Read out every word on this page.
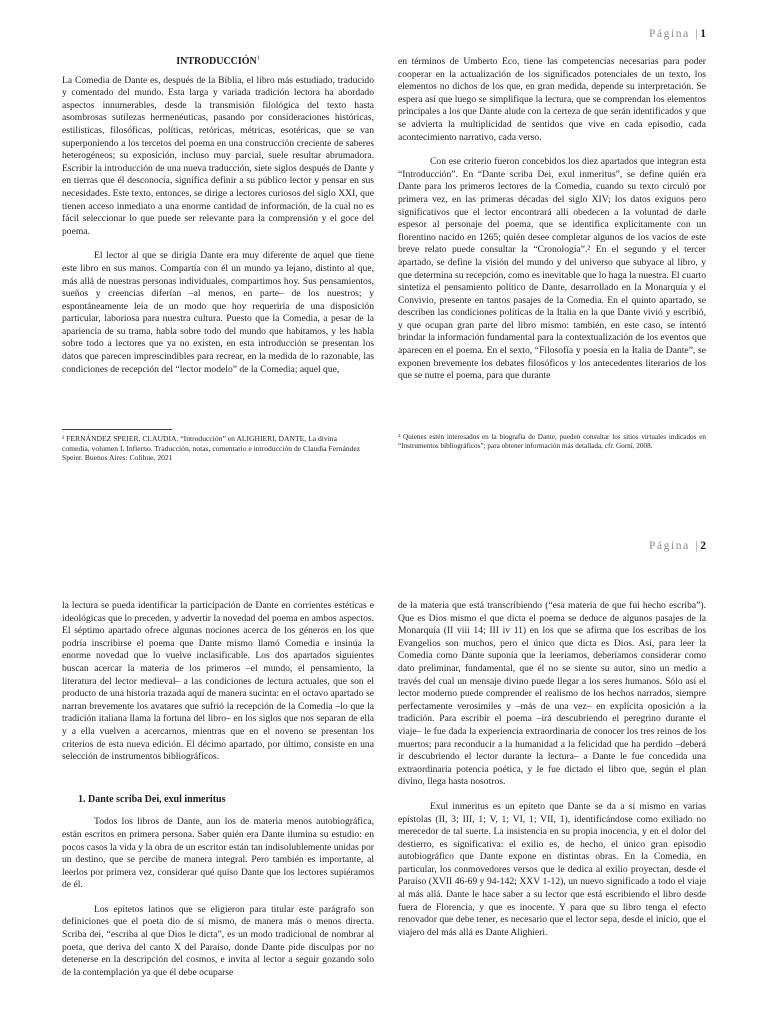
Página |1

INTRODUCCIÓN$^1$

La Comedia de Dante es, después de la Biblia, el libro más estudiado, traducido y comentado del mundo. Esta larga y variada tradición lectora ha abordado aspectos innumerables, desde la transmisión filológica del texto hasta asombrosas sutilezas hermenéuticas, pasando por consideraciones históricas, estilísticas, filosóficas, políticas, retóricas, métricas, esotéricas, que se van superponiendo a los tercetos del poema en una construcción creciente de saberes heterogéneos; su exposición, incluso muy parcial, suele resultar abrumadora. Escribir la introducción de una nueva traducción, siete siglos después de Dante y en tierras que él desconocía, significa definir a su público lector y pensar en sus necesidades. Este texto, entonces, se dirige a lectores curiosos del siglo XXI, que tienen acceso inmediato a una enorme cantidad de información, de la cual no es fácil seleccionar lo que puede ser relevante para la comprensión y el goce del poema.

El lector al que se dirigía Dante era muy diferente de aquel que tiene este libro en sus manos. Compartía con él un mundo ya lejano, distinto al que, más allá de nuestras personas individuales, compartimos hoy. Sus pensamientos, sueños y creencias diferían –al menos, en parte– de los nuestros; y espontáneamente leía de un modo que hoy requeriría de una disposición particular, laboriosa para nuestra cultura. Puesto que la Comedia, a pesar de la apariencia de su trama, habla sobre todo del mundo que habitamos, y les habla sobre todo a lectores que ya no existen, en esta introducción se presentan los datos que parecen imprescindibles para recrear, en la medida de lo razonable, las condiciones de recepción del “lector modelo” de la Comedia; aquel que,

en términos de Umberto Eco, tiene las competencias necesarias para poder cooperar en la actualización de los significados potenciales de un texto, los elementos no dichos de los que, en gran medida, depende su interpretación. Se espera así que luego se simplifique la lectura, que se comprendan los elementos principales a los que Dante alude con la certeza de que serán identificados y que se advierta la multiplicidad de sentidos que vive en cada episodio, cada acontecimiento narrativo, cada verso.

Con ese criterio fueron concebidos los diez apartados que integran esta “Introducción”. En “Dante scriba Dei, exul inmeritus”, se define quién era Dante para los primeros lectores de la Comedia, cuando su texto circuló por primera vez, en las primeras décadas del siglo XIV; los datos exiguos pero significativos que el lector encontrará allí obedecen a la voluntad de darle espesor al personaje del poema, que se identifica explícitamente con un florentino nacido en 1265; quién desee completar algunos de los vacíos de este breve relato puede consultar la “Cronología”.² En el segundo y el tercer apartado, se define la visión del mundo y del universo que subyace al libro, y que determina su recepción, como es inevitable que lo haga la nuestra. El cuarto sintetiza el pensamiento político de Dante, desarrollado en la Monarquía y el Convivio, presente en tantos pasajes de la Comedia. En el quinto apartado, se describen las condiciones políticas de la Italia en la que Dante vivió y escribió, y que ocupan gran parte del libro mismo: también, en este caso, se intentó brindar la información fundamental para la contextualización de los eventos que aparecen en el poema. En el sexto, “Filosofía y poesía en la Italia de Dante”, se exponen brevemente los debates filosóficos y los antecedentes literarios de los que se nutre el poema, para que durante

¹ FERNÁNDEZ SPEIER, CLAUDIA. “Introducción” en ALIGHIERI, DANTE, La divina comedia, volumen I, Infierno. Traducción, notas, comentario e introducción de Claudia Fernández Speier. Buenos Aires: Colihue, 2021

² Quienes estén interesados en la biografía de Dante, pueden consultar los sitios virtuales indicados en “Instrumentos bibliográficos”; para obtener información más detallada, cfr. Gorni, 2008.

Página |2

la lectura se pueda identificar la participación de Dante en corrientes estéticas e ideológicas que lo preceden, y advertir la novedad del poema en ambos aspectos. El séptimo apartado ofrece algunas nociones acerca de los géneros en los que podría inscribirse el poema que Dante mismo llamó Comedia e insinúa la enorme novedad que lo vuelve inclasificable. Los dos apartados siguientes buscan acercar la materia de los primeros –el mundo, el pensamiento, la literatura del lector medieval– a las condiciones de lectura actuales, que son el producto de una historia trazada aquí de manera sucinta: en el octavo apartado se narran brevemente los avatares que sufrió la recepción de la Comedia –lo que la tradición italiana llama la fortuna del libro– en los siglos que nos separan de ella y a ella vuelven a acercarnos, mientras que en el noveno se presentan los criterios de esta nueva edición. El décimo apartado, por último, consiste en una selección de instrumentos bibliográficos.

1. Dante scriba Dei, exul inmeritus

Todos los libros de Dante, aun los de materia menos autobiográfica, están escritos en primera persona. Saber quién era Dante ilumina su estudio: en pocos casos la vida y la obra de un escritor están tan indisolublemente unidas por un destino, que se percibe de manera integral. Pero también es importante, al leerlos por primera vez, considerar qué quiso Dante que los lectores supiéramos de él.

Los epítetos latinos que se eligieron para titular este parágrafo son definiciones que el poeta dio de sí mismo, de manera más o menos directa. Scriba dei, “escriba al que Dios le dicta”, es un modo tradicional de nombrar al poeta, que deriva del canto X del Paraíso, donde Dante pide disculpas por no detenerse en la descripción del cosmos, e invita al lector a seguir gozando solo de la contemplación ya que él debe ocuparse

de la materia que está transcribiendo (“esa materia de que fui hecho escriba”). Que es Dios mismo el que dicta el poema se deduce de algunos pasajes de la Monarquía (II viii 14; III iv 11) en los que se afirma que los escribas de los Evangelios son muchos, pero el único que dicta es Dios. Así, para leer la Comedia como Dante suponía que la leeríamos, deberíamos considerar como dato preliminar, fundamental, que él no se siente su autor, sino un medio a través del cual un mensaje divino puede llegar a los seres humanos. Sólo así el lector moderno puede comprender el realismo de los hechos narrados, siempre perfectamente verosímiles y –más de una vez– en explícita oposición a la tradición. Para escribir el poema –irá descubriendo el peregrino durante el viaje– le fue dada la experiencia extraordinaria de conocer los tres reinos de los muertos; para reconducir a la humanidad a la felicidad que ha perdido –deberá ir descubriendo el lector durante la lectura– a Dante le fue concedida una extraordinaria potencia poética, y le fue dictado el libro que, según el plan divino, llega hasta nosotros.

Exul inmeritus es un epíteto que Dante se da a sí mismo en varias epístolas (II, 3; III, 1; V, 1; VI, 1; VII, 1), identificándose como exiliado no merecedor de tal suerte. La insistencia en su propia inocencia, y en el dolor del destierro, es significativa: el exilio es, de hecho, el único gran episodio autobiográfico que Dante expone en distintas obras. En la Comedia, en particular, los conmovedores versos que le dedica al exilio proyectan, desde el Paraíso (XVII 46-69 y 94-142; XXV 1-12), un nuevo significado a todo el viaje al más allá. Dante le hace saber a su lector que está escribiendo el libro desde fuera de Florencia, y que es inocente. Y para que su libro tenga el efecto renovador que debe tener, es necesario que el lector sepa, desde el inicio, que el viajero del más allá es Dante Alighieri.
